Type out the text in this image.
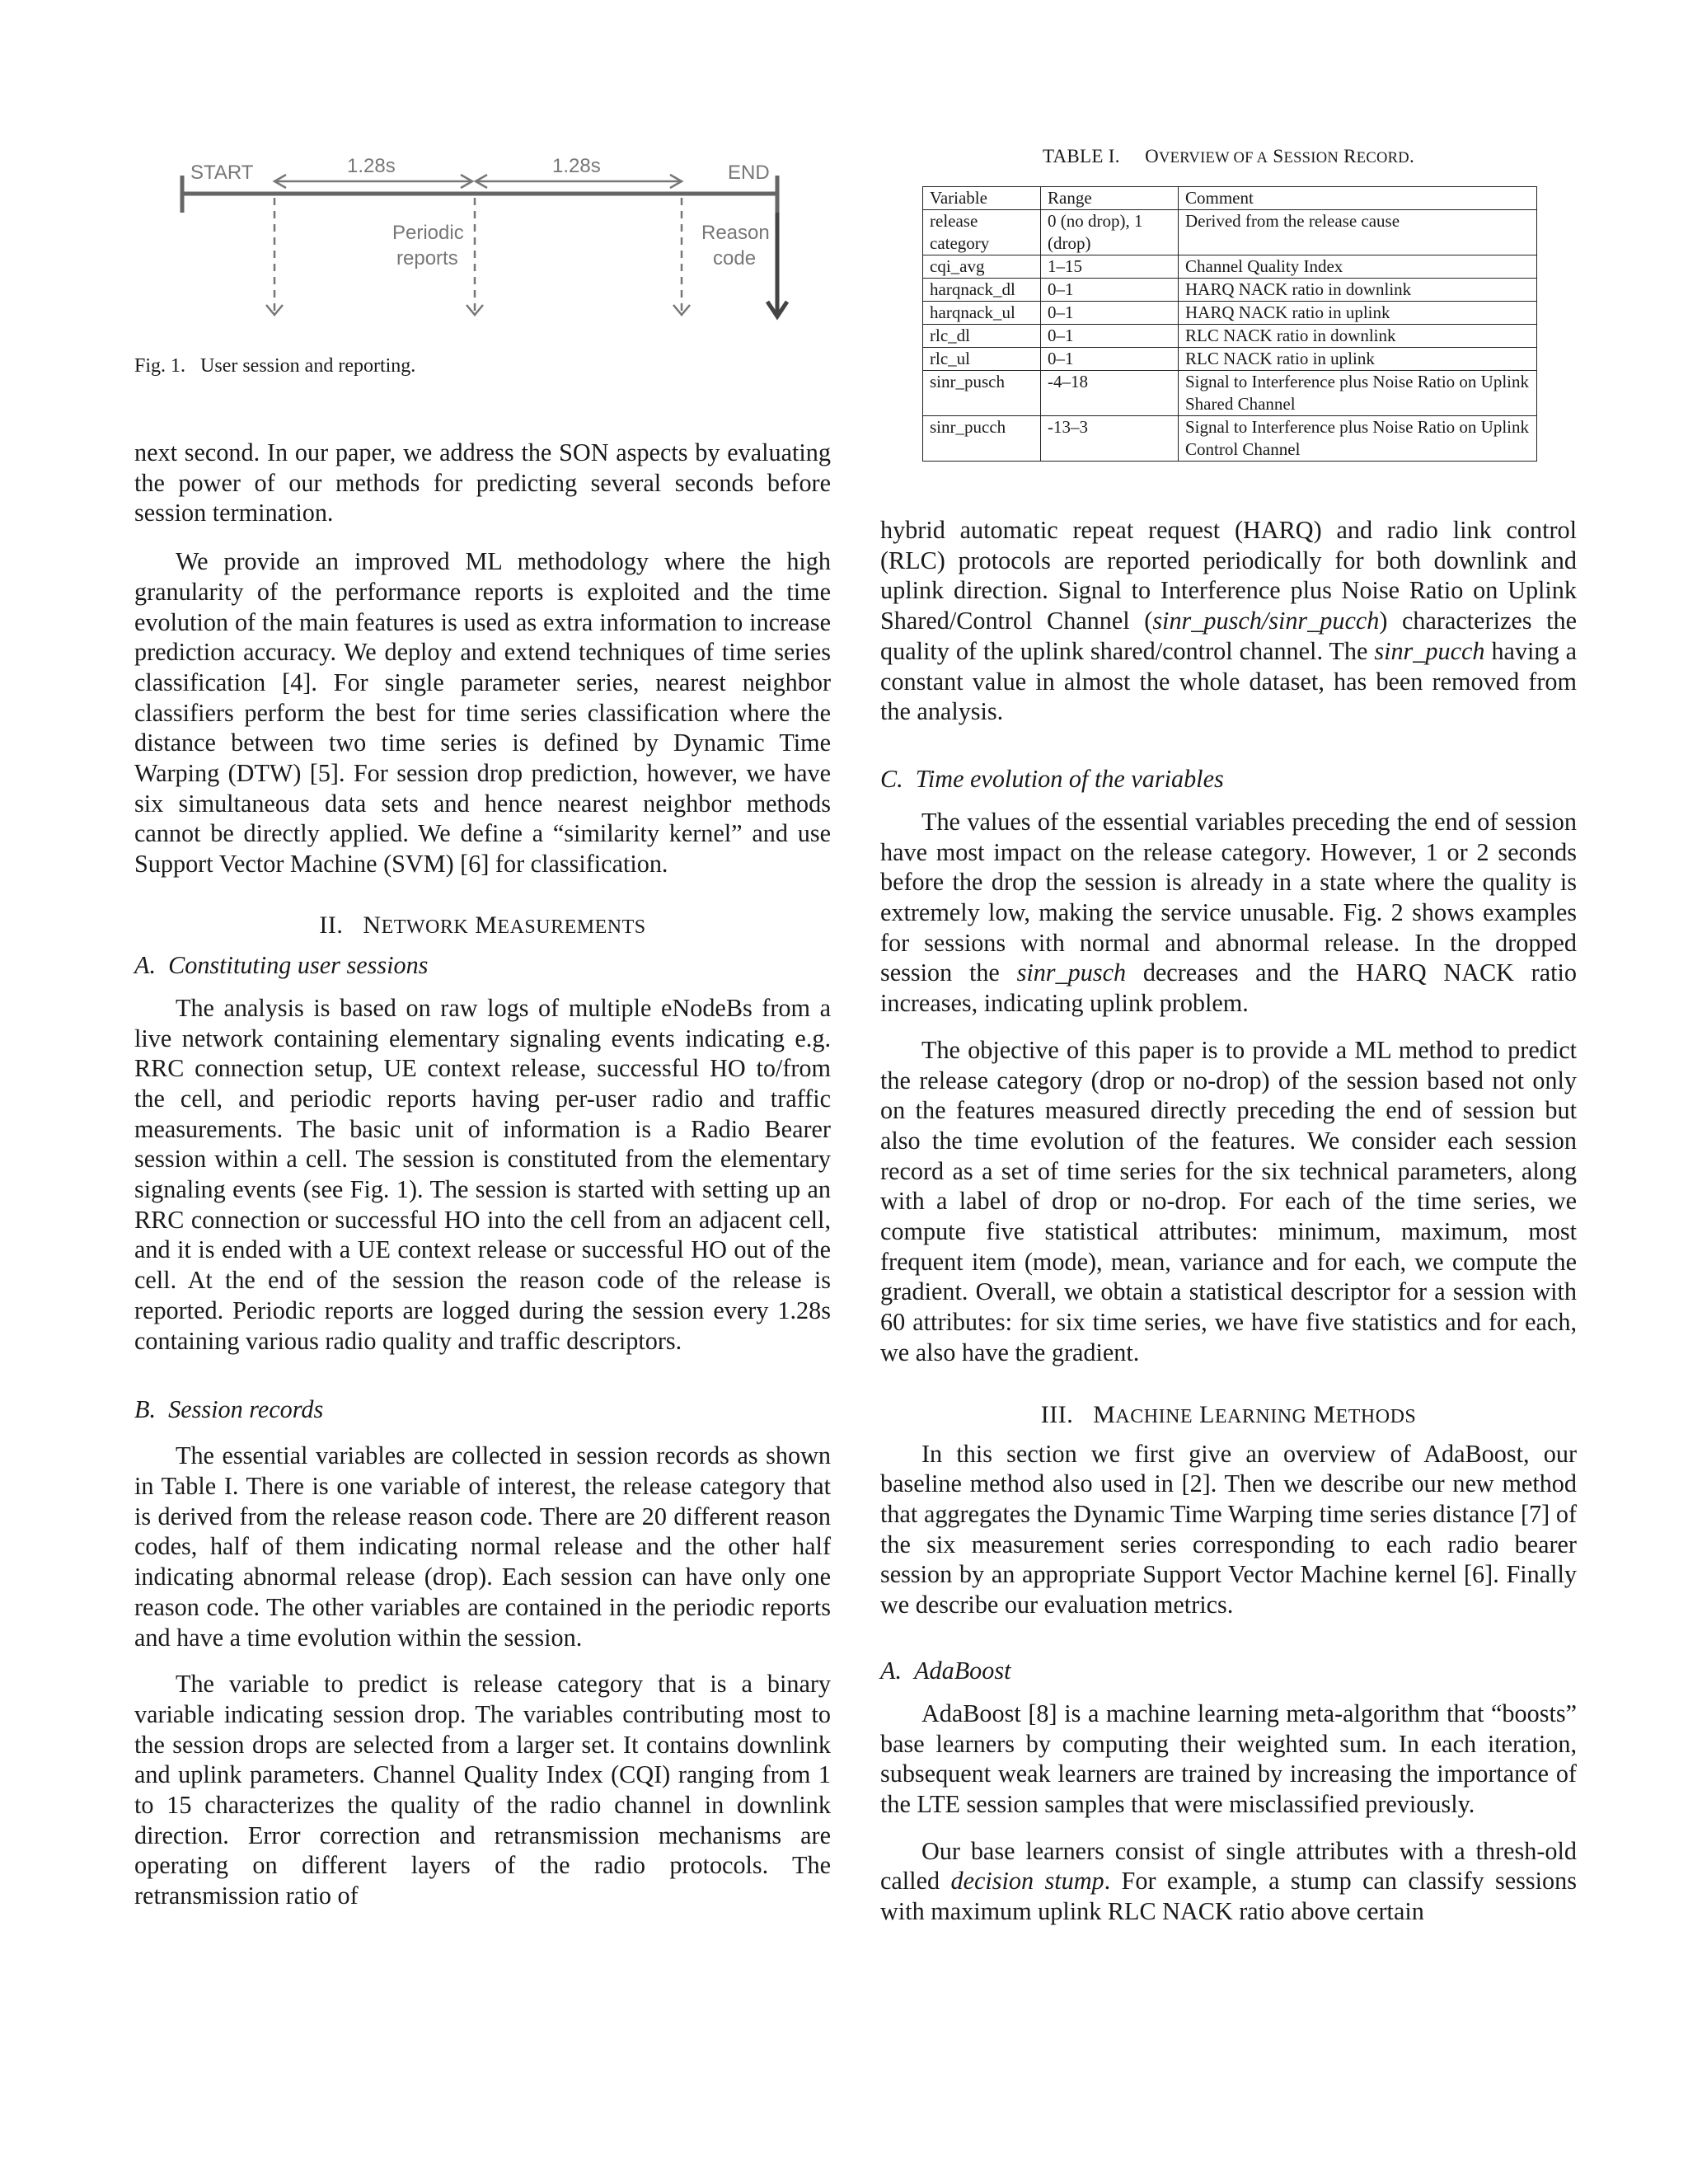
START	END
1.28s	1.28s
Periodic
reports
Reason
code
Fig. 1. User session and reporting.

next second. In our paper, we address the SON aspects by evaluating the power of our methods for predicting several seconds before session termination.

We provide an improved ML methodology where the high granularity of the performance reports is exploited and the time evolution of the main features is used as extra information to increase prediction accuracy. We deploy and extend techniques of time series classification [4]. For single parameter series, nearest neighbor classifiers perform the best for time series classification where the distance between two time series is defined by Dynamic Time Warping (DTW) [5]. For session drop prediction, however, we have six simultaneous data sets and hence nearest neighbor methods cannot be directly applied. We define a “similarity kernel” and use Support Vector Machine (SVM) [6] for classification.

II. NETWORK MEASUREMENTS
A. Constituting user sessions

The analysis is based on raw logs of multiple eNodeBs from a live network containing elementary signaling events indicating e.g. RRC connection setup, UE context release, successful HO to/from the cell, and periodic reports having per-user radio and traffic measurements. The basic unit of information is a Radio Bearer session within a cell. The session is constituted from the elementary signaling events (see Fig. 1). The session is started with setting up an RRC connection or successful HO into the cell from an adjacent cell, and it is ended with a UE context release or successful HO out of the cell. At the end of the session the reason code of the release is reported. Periodic reports are logged during the session every 1.28s containing various radio quality and traffic descriptors.

B. Session records

The essential variables are collected in session records as shown in Table I. There is one variable of interest, the release category that is derived from the release reason code. There are 20 different reason codes, half of them indicating normal release and the other half indicating abnormal release (drop). Each session can have only one reason code. The other variables are contained in the periodic reports and have a time evolution within the session.

The variable to predict is release category that is a binary variable indicating session drop. The variables contributing most to the session drops are selected from a larger set. It contains downlink and uplink parameters. Channel Quality Index (CQI) ranging from 1 to 15 characterizes the quality of the radio channel in downlink direction. Error correction and retransmission mechanisms are operating on different layers of the radio protocols. The retransmission ratio of

TABLE I. OVERVIEW OF A SESSION RECORD.
Variable	Range	Comment
release category	0 (no drop), 1 (drop)	Derived from the release cause
cqi_avg	1–15	Channel Quality Index
harqnack_dl	0–1	HARQ NACK ratio in downlink
harqnack_ul	0–1	HARQ NACK ratio in uplink
rlc_dl	0–1	RLC NACK ratio in downlink
rlc_ul	0–1	RLC NACK ratio in uplink
sinr_pusch	-4–18	Signal to Interference plus Noise Ratio on Uplink Shared Channel
sinr_pucch	-13–3	Signal to Interference plus Noise Ratio on Uplink Control Channel

hybrid automatic repeat request (HARQ) and radio link control (RLC) protocols are reported periodically for both downlink and uplink direction. Signal to Interference plus Noise Ratio on Uplink Shared/Control Channel (sinr_pusch/sinr_pucch) characterizes the quality of the uplink shared/control channel. The sinr_pucch having a constant value in almost the whole dataset, has been removed from the analysis.

C. Time evolution of the variables

The values of the essential variables preceding the end of session have most impact on the release category. However, 1 or 2 seconds before the drop the session is already in a state where the quality is extremely low, making the service unusable. Fig. 2 shows examples for sessions with normal and abnormal release. In the dropped session the sinr_pusch decreases and the HARQ NACK ratio increases, indicating uplink problem.

The objective of this paper is to provide a ML method to predict the release category (drop or no-drop) of the session based not only on the features measured directly preceding the end of session but also the time evolution of the features. We consider each session record as a set of time series for the six technical parameters, along with a label of drop or no-drop. For each of the time series, we compute five statistical attributes: minimum, maximum, most frequent item (mode), mean, variance and for each, we compute the gradient. Overall, we obtain a statistical descriptor for a session with 60 attributes: for six time series, we have five statistics and for each, we also have the gradient.

III. MACHINE LEARNING METHODS

In this section we first give an overview of AdaBoost, our baseline method also used in [2]. Then we describe our new method that aggregates the Dynamic Time Warping time series distance [7] of the six measurement series corresponding to each radio bearer session by an appropriate Support Vector Machine kernel [6]. Finally we describe our evaluation metrics.

A. AdaBoost

AdaBoost [8] is a machine learning meta-algorithm that “boosts” base learners by computing their weighted sum. In each iteration, subsequent weak learners are trained by increasing the importance of the LTE session samples that were misclassified previously.

Our base learners consist of single attributes with a thresh-old called decision stump. For example, a stump can classify sessions with maximum uplink RLC NACK ratio above certain
